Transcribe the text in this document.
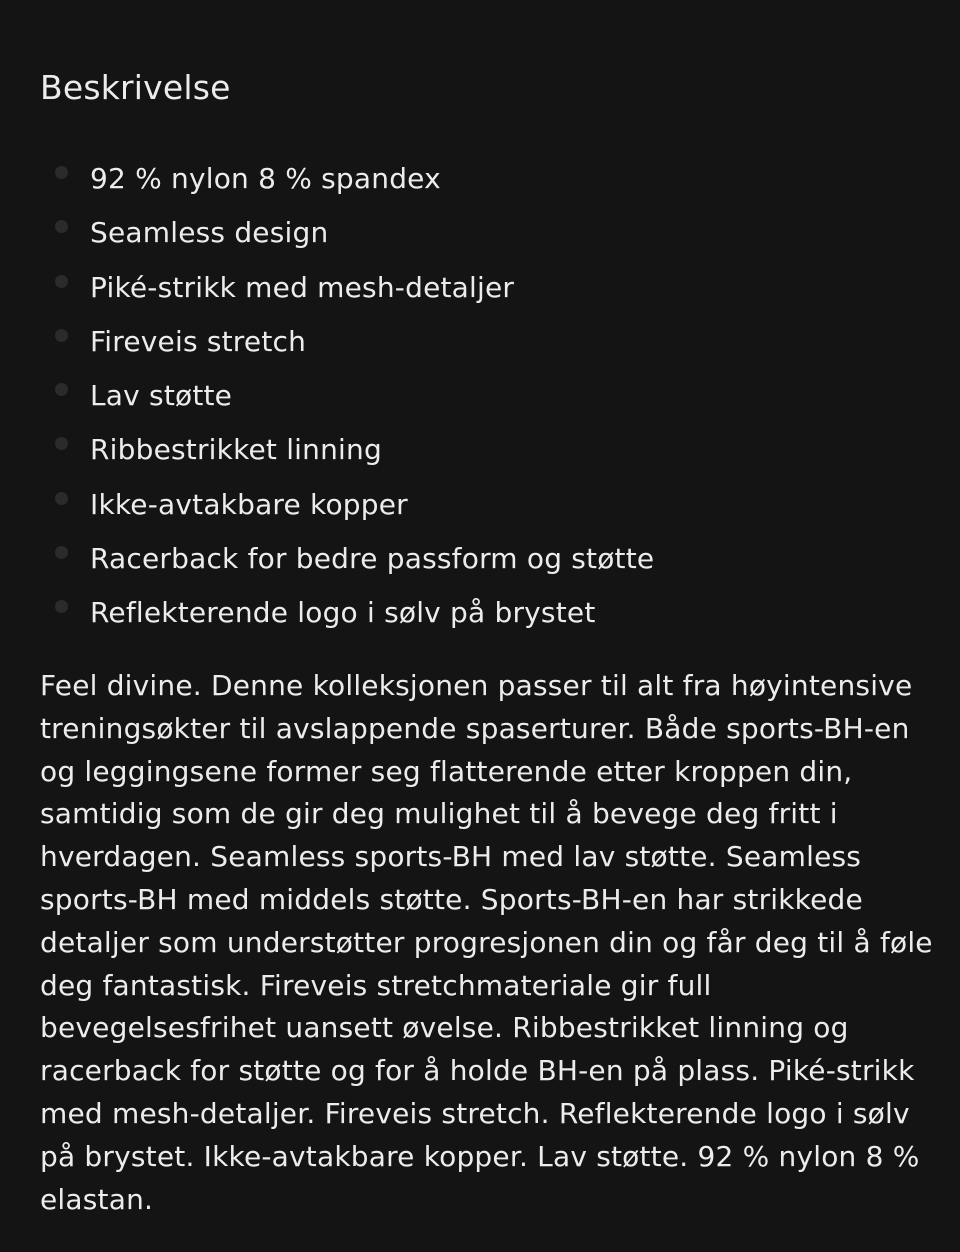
Beskrivelse
92 % nylon 8 % spandex
Seamless design
Piké-strikk med mesh-detaljer
Fireveis stretch
Lav støtte
Ribbestrikket linning
Ikke-avtakbare kopper
Racerback for bedre passform og støtte
Reflekterende logo i sølv på brystet
Feel divine. Denne kolleksjonen passer til alt fra høyintensive
treningsøkter til avslappende spaserturer. Både sports-BH-en
og leggingsene former seg flatterende etter kroppen din,
samtidig som de gir deg mulighet til å bevege deg fritt i
hverdagen. Seamless sports-BH med lav støtte. Seamless
sports-BH med middels støtte. Sports-BH-en har strikkede
detaljer som understøtter progresjonen din og får deg til å føle
deg fantastisk. Fireveis stretchmateriale gir full
bevegelsesfrihet uansett øvelse. Ribbestrikket linning og
racerback for støtte og for å holde BH-en på plass. Piké-strikk
med mesh-detaljer. Fireveis stretch. Reflekterende logo i sølv
på brystet. Ikke-avtakbare kopper. Lav støtte. 92 % nylon 8 %
elastan.
